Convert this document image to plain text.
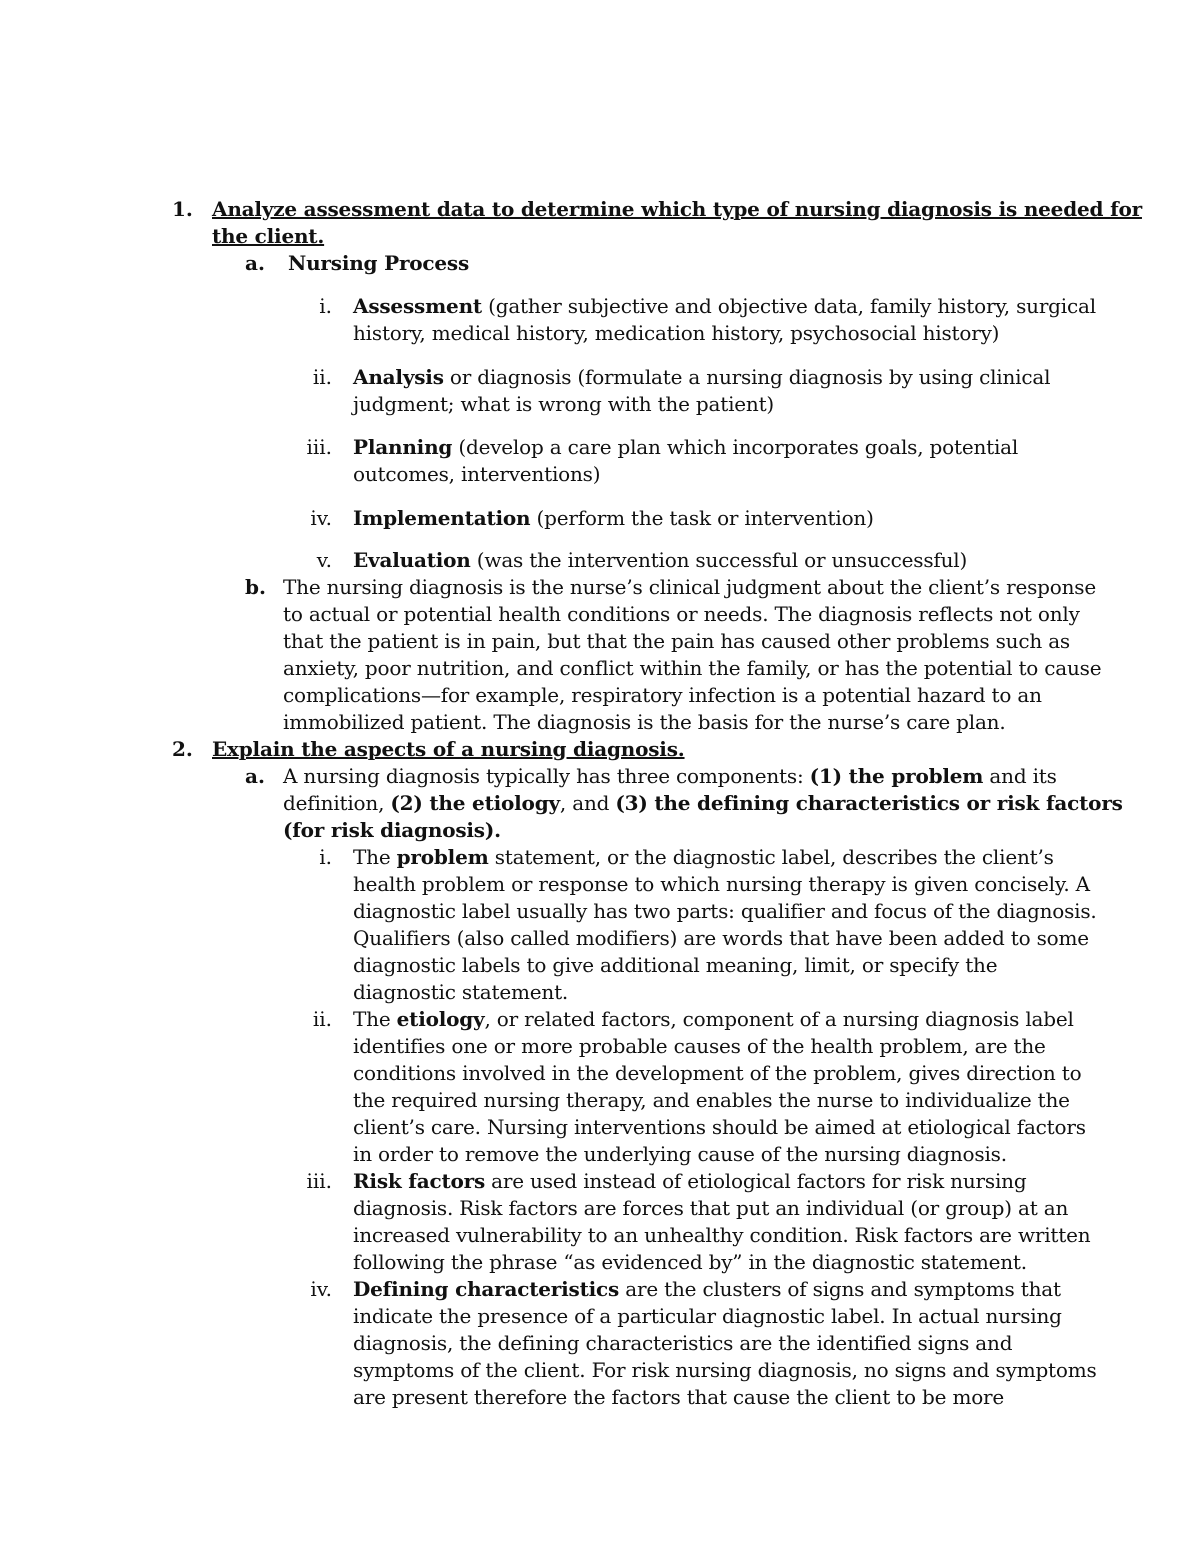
1. Analyze assessment data to determine which type of nursing diagnosis is needed for
the client.
a. Nursing Process
i. Assessment (gather subjective and objective data, family history, surgical
history, medical history, medication history, psychosocial history)
ii. Analysis or diagnosis (formulate a nursing diagnosis by using clinical
judgment; what is wrong with the patient)
iii. Planning (develop a care plan which incorporates goals, potential
outcomes, interventions)
iv. Implementation (perform the task or intervention)
v. Evaluation (was the intervention successful or unsuccessful)
b. The nursing diagnosis is the nurse’s clinical judgment about the client’s response
to actual or potential health conditions or needs. The diagnosis reflects not only
that the patient is in pain, but that the pain has caused other problems such as
anxiety, poor nutrition, and conflict within the family, or has the potential to cause
complications—for example, respiratory infection is a potential hazard to an
immobilized patient. The diagnosis is the basis for the nurse’s care plan.
2. Explain the aspects of a nursing diagnosis.
a. A nursing diagnosis typically has three components: (1) the problem and its
definition, (2) the etiology, and (3) the defining characteristics or risk factors
(for risk diagnosis).
i. The problem statement, or the diagnostic label, describes the client’s
health problem or response to which nursing therapy is given concisely. A
diagnostic label usually has two parts: qualifier and focus of the diagnosis.
Qualifiers (also called modifiers) are words that have been added to some
diagnostic labels to give additional meaning, limit, or specify the
diagnostic statement.
ii. The etiology, or related factors, component of a nursing diagnosis label
identifies one or more probable causes of the health problem, are the
conditions involved in the development of the problem, gives direction to
the required nursing therapy, and enables the nurse to individualize the
client’s care. Nursing interventions should be aimed at etiological factors
in order to remove the underlying cause of the nursing diagnosis.
iii. Risk factors are used instead of etiological factors for risk nursing
diagnosis. Risk factors are forces that put an individual (or group) at an
increased vulnerability to an unhealthy condition. Risk factors are written
following the phrase “as evidenced by” in the diagnostic statement.
iv. Defining characteristics are the clusters of signs and symptoms that
indicate the presence of a particular diagnostic label. In actual nursing
diagnosis, the defining characteristics are the identified signs and
symptoms of the client. For risk nursing diagnosis, no signs and symptoms
are present therefore the factors that cause the client to be more
